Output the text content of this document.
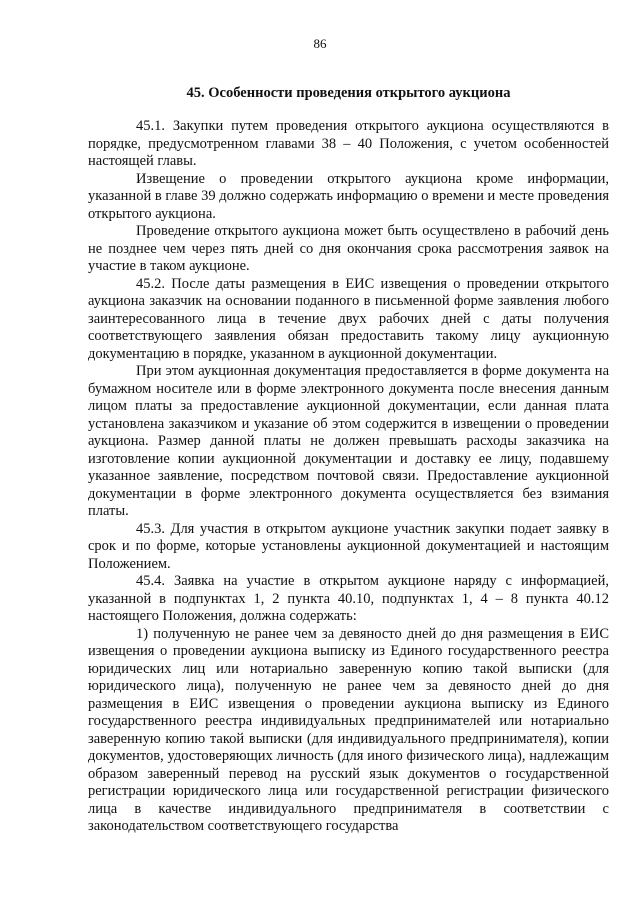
86

45. Особенности проведения открытого аукциона

45.1. Закупки путем проведения открытого аукциона осуществляются в порядке, предусмотренном главами 38 – 40 Положения, с учетом особенностей настоящей главы.

Извещение о проведении открытого аукциона кроме информации, указанной в главе 39 должно содержать информацию о времени и месте проведения открытого аукциона.

Проведение открытого аукциона может быть осуществлено в рабочий день не позднее чем через пять дней со дня окончания срока рассмотрения заявок на участие в таком аукционе.

45.2. После даты размещения в ЕИС извещения о проведении открытого аукциона заказчик на основании поданного в письменной форме заявления любого заинтересованного лица в течение двух рабочих дней с даты получения соответствующего заявления обязан предоставить такому лицу аукционную документацию в порядке, указанном в аукционной документации.

При этом аукционная документация предоставляется в форме документа на бумажном носителе или в форме электронного документа после внесения данным лицом платы за предоставление аукционной документации, если данная плата установлена заказчиком и указание об этом содержится в извещении о проведении аукциона. Размер данной платы не должен превышать расходы заказчика на изготовление копии аукционной документации и доставку ее лицу, подавшему указанное заявление, посредством почтовой связи. Предоставление аукционной документации в форме электронного документа осуществляется без взимания платы.

45.3. Для участия в открытом аукционе участник закупки подает заявку в срок и по форме, которые установлены аукционной документацией и настоящим Положением.

45.4. Заявка на участие в открытом аукционе наряду с информацией, указанной в подпунктах 1, 2 пункта 40.10, подпунктах 1, 4 – 8 пункта 40.12 настоящего Положения, должна содержать:

1) полученную не ранее чем за девяносто дней до дня размещения в ЕИС извещения о проведении аукциона выписку из Единого государственного реестра юридических лиц или нотариально заверенную копию такой выписки (для юридического лица), полученную не ранее чем за девяносто дней до дня размещения в ЕИС извещения о проведении аукциона выписку из Единого государственного реестра индивидуальных предпринимателей или нотариально заверенную копию такой выписки (для индивидуального предпринимателя), копии документов, удостоверяющих личность (для иного физического лица), надлежащим образом заверенный перевод на русский язык документов о государственной регистрации юридического лица или государственной регистрации физического лица в качестве индивидуального предпринимателя в соответствии с законодательством соответствующего государства
